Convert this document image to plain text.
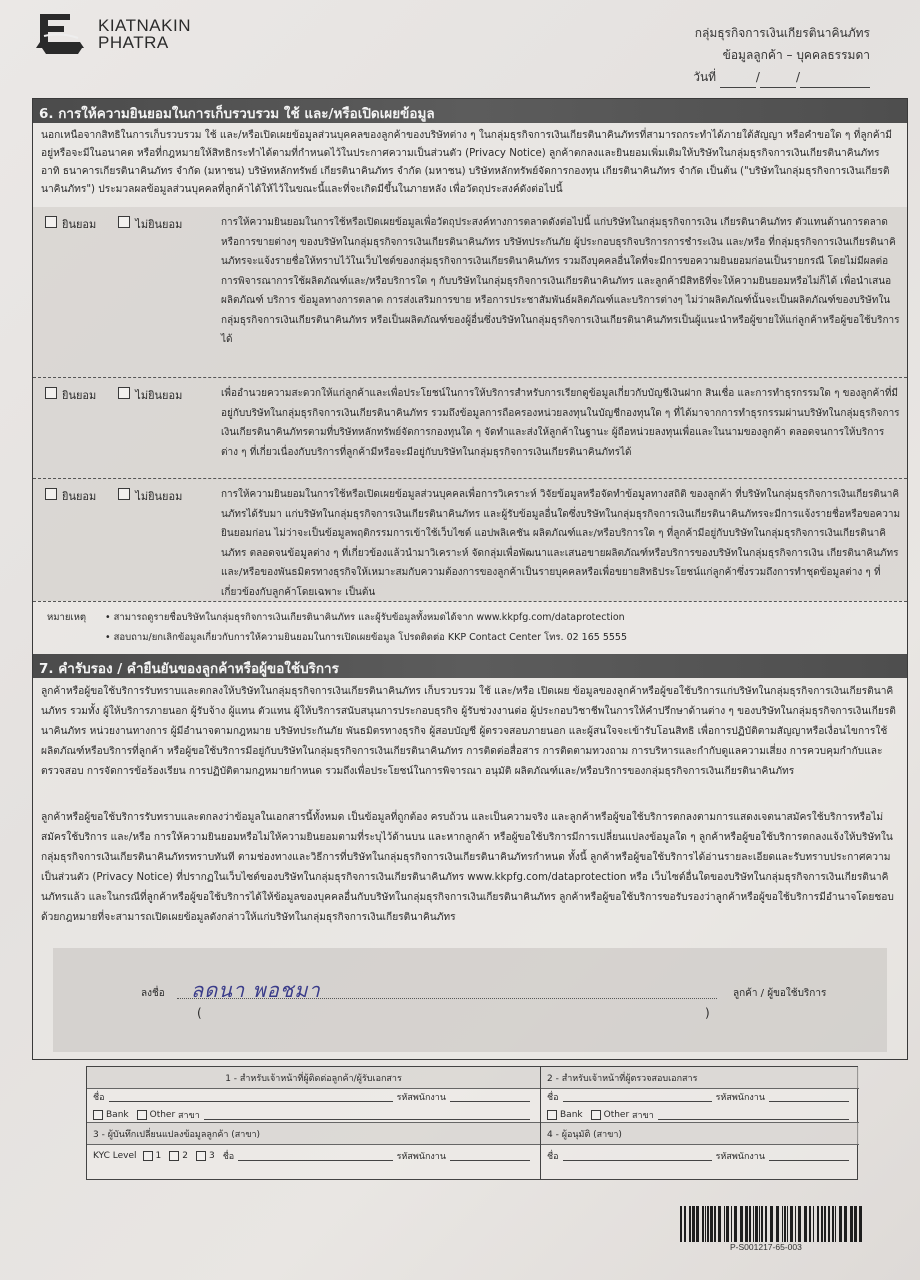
KIATNAKIN
PHATRA	กลุ่มธุรกิจการเงินเกียรตินาคินภัทร
ข้อมูลลูกค้า – บุคคลธรรมดา
วันที่	/	/
6. การให้ความยินยอมในการเก็บรวบรวม ใช้ และ/หรือเปิดเผยข้อมูล
นอกเหนือจากสิทธิในการเก็บรวบรวม ใช้ และ/หรือเปิดเผยข้อมูลส่วนบุคคลของลูกค้าของบริษัทต่าง ๆ ในกลุ่มธุรกิจการเงินเกียรตินาคินภัทรที่สามารถกระทำได้ภายใต้สัญญา หรือคำขอใด ๆ ที่ลูกค้ามีอยู่หรือจะมีในอนาคต หรือที่กฎหมายให้สิทธิกระทำได้ตามที่กำหนดไว้ในประกาศความเป็นส่วนตัว (Privacy Notice) ลูกค้าตกลงและยินยอมเพิ่มเติมให้บริษัทในกลุ่มธุรกิจการเงินเกียรตินาคินภัทร อาทิ ธนาคารเกียรตินาคินภัทร จำกัด (มหาชน) บริษัทหลักทรัพย์ เกียรตินาคินภัทร จำกัด (มหาชน) บริษัทหลักทรัพย์จัดการกองทุน เกียรตินาคินภัทร จำกัด เป็นต้น ("บริษัทในกลุ่มธุรกิจการเงินเกียรตินาคินภัทร") ประมวลผลข้อมูลส่วนบุคคลที่ลูกค้าได้ให้ไว้ในขณะนี้และที่จะเกิดมีขึ้นในภายหลัง เพื่อวัตถุประสงค์ดังต่อไปนี้
ยินยอม	ไม่ยินยอม	การให้ความยินยอมในการใช้หรือเปิดเผยข้อมูลเพื่อวัตถุประสงค์ทางการตลาดดังต่อไปนี้ แก่บริษัทในกลุ่มธุรกิจการเงิน เกียรตินาคินภัทร ตัวแทนด้านการตลาดหรือการขายต่างๆ ของบริษัทในกลุ่มธุรกิจการเงินเกียรตินาคินภัทร บริษัทประกันภัย ผู้ประกอบธุรกิจบริการการชำระเงิน และ/หรือ ที่กลุ่มธุรกิจการเงินเกียรตินาคินภัทรจะแจ้งรายชื่อให้ทราบไว้ในเว็บไซต์ของกลุ่มธุรกิจการเงินเกียรตินาคินภัทร รวมถึงบุคคลอื่นใดที่จะมีการขอความยินยอมก่อนเป็นรายกรณี โดยไม่มีผลต่อการพิจารณาการใช้ผลิตภัณฑ์และ/หรือบริการใด ๆ กับบริษัทในกลุ่มธุรกิจการเงินเกียรตินาคินภัทร และลูกค้ามีสิทธิที่จะให้ความยินยอมหรือไม่ก็ได้ เพื่อนำเสนอผลิตภัณฑ์ บริการ ข้อมูลทางการตลาด การส่งเสริมการขาย หรือการประชาสัมพันธ์ผลิตภัณฑ์และบริการต่างๆ ไม่ว่าผลิตภัณฑ์นั้นจะเป็นผลิตภัณฑ์ของบริษัทในกลุ่มธุรกิจการเงินเกียรตินาคินภัทร หรือเป็นผลิตภัณฑ์ของผู้อื่นซึ่งบริษัทในกลุ่มธุรกิจการเงินเกียรตินาคินภัทรเป็นผู้แนะนำหรือผู้ขายให้แก่ลูกค้าหรือผู้ขอใช้บริการได้
ยินยอม	ไม่ยินยอม	เพื่ออำนวยความสะดวกให้แก่ลูกค้าและเพื่อประโยชน์ในการให้บริการสำหรับการเรียกดูข้อมูลเกี่ยวกับบัญชีเงินฝาก สินเชื่อ และการทำธุรกรรมใด ๆ ของลูกค้าที่มีอยู่กับบริษัทในกลุ่มธุรกิจการเงินเกียรตินาคินภัทร รวมถึงข้อมูลการถือครองหน่วยลงทุนในบัญชีกองทุนใด ๆ ที่ได้มาจากการทำธุรกรรมผ่านบริษัทในกลุ่มธุรกิจการเงินเกียรตินาคินภัทรตามที่บริษัทหลักทรัพย์จัดการกองทุนใด ๆ จัดทำและส่งให้ลูกค้าในฐานะ ผู้ถือหน่วยลงทุนเพื่อและในนามของลูกค้า ตลอดจนการให้บริการต่าง ๆ ที่เกี่ยวเนื่องกับบริการที่ลูกค้ามีหรือจะมีอยู่กับบริษัทในกลุ่มธุรกิจการเงินเกียรตินาคินภัทรได้
ยินยอม	ไม่ยินยอม	การให้ความยินยอมในการใช้หรือเปิดเผยข้อมูลส่วนบุคคลเพื่อการวิเคราะห์ วิจัยข้อมูลหรือจัดทำข้อมูลทางสถิติ ของลูกค้า ที่บริษัทในกลุ่มธุรกิจการเงินเกียรตินาคินภัทรได้รับมา แก่บริษัทในกลุ่มธุรกิจการเงินเกียรตินาคินภัทร และผู้รับข้อมูลอื่นใดซึ่งบริษัทในกลุ่มธุรกิจการเงินเกียรตินาคินภัทรจะมีการแจ้งรายชื่อหรือขอความยินยอมก่อน ไม่ว่าจะเป็นข้อมูลพฤติกรรมการเข้าใช้เว็บไซต์ แอปพลิเคชัน ผลิตภัณฑ์และ/หรือบริการใด ๆ ที่ลูกค้ามีอยู่กับบริษัทในกลุ่มธุรกิจการเงินเกียรตินาคินภัทร ตลอดจนข้อมูลต่าง ๆ ที่เกี่ยวข้องแล้วนำมาวิเคราะห์ จัดกลุ่มเพื่อพัฒนาและเสนอขายผลิตภัณฑ์หรือบริการของบริษัทในกลุ่มธุรกิจการเงิน เกียรตินาคินภัทร และ/หรือของพันธมิตรทางธุรกิจให้เหมาะสมกับความต้องการของลูกค้าเป็นรายบุคคลหรือเพื่อขยายสิทธิประโยชน์แก่ลูกค้าซึ่งรวมถึงการทำชุดข้อมูลต่าง ๆ ที่เกี่ยวข้องกับลูกค้าโดยเฉพาะ เป็นต้น
หมายเหตุ	• สามารถดูรายชื่อบริษัทในกลุ่มธุรกิจการเงินเกียรตินาคินภัทร และผู้รับข้อมูลทั้งหมดได้จาก www.kkpfg.com/dataprotection
• สอบถาม/ยกเลิกข้อมูลเกี่ยวกับการให้ความยินยอมในการเปิดเผยข้อมูล โปรดติดต่อ KKP Contact Center โทร. 02 165 5555
7. คำรับรอง / คำยืนยันของลูกค้าหรือผู้ขอใช้บริการ
ลูกค้าหรือผู้ขอใช้บริการรับทราบและตกลงให้บริษัทในกลุ่มธุรกิจการเงินเกียรตินาคินภัทร เก็บรวบรวม ใช้ และ/หรือ เปิดเผย ข้อมูลของลูกค้าหรือผู้ขอใช้บริการแก่บริษัทในกลุ่มธุรกิจการเงินเกียรตินาคินภัทร รวมทั้ง ผู้ให้บริการภายนอก ผู้รับจ้าง ผู้แทน ตัวแทน ผู้ให้บริการสนับสนุนการประกอบธุรกิจ ผู้รับช่วงงานต่อ ผู้ประกอบวิชาชีพในการให้คำปรึกษาด้านต่าง ๆ ของบริษัทในกลุ่มธุรกิจการเงินเกียรตินาคินภัทร หน่วยงานทางการ ผู้มีอำนาจตามกฎหมาย บริษัทประกันภัย พันธมิตรทางธุรกิจ ผู้สอบบัญชี ผู้ตรวจสอบภายนอก และผู้สนใจจะเข้ารับโอนสิทธิ เพื่อการปฏิบัติตามสัญญาหรือเงื่อนไขการใช้ผลิตภัณฑ์หรือบริการที่ลูกค้า หรือผู้ขอใช้บริการมีอยู่กับบริษัทในกลุ่มธุรกิจการเงินเกียรตินาคินภัทร การติดต่อสื่อสาร การติดตามทวงถาม การบริหารและกำกับดูแลความเสี่ยง การควบคุมกำกับและตรวจสอบ การจัดการข้อร้องเรียน การปฏิบัติตามกฎหมายกำหนด รวมถึงเพื่อประโยชน์ในการพิจารณา อนุมัติ ผลิตภัณฑ์และ/หรือบริการของกลุ่มธุรกิจการเงินเกียรตินาคินภัทร
ลูกค้าหรือผู้ขอใช้บริการรับทราบและตกลงว่าข้อมูลในเอกสารนี้ทั้งหมด เป็นข้อมูลที่ถูกต้อง ครบถ้วน และเป็นความจริง และลูกค้าหรือผู้ขอใช้บริการตกลงตามการแสดงเจตนาสมัครใช้บริการหรือไม่สมัครใช้บริการ และ/หรือ การให้ความยินยอมหรือไม่ให้ความยินยอมตามที่ระบุไว้ด้านบน และหากลูกค้า หรือผู้ขอใช้บริการมีการเปลี่ยนแปลงข้อมูลใด ๆ ลูกค้าหรือผู้ขอใช้บริการตกลงแจ้งให้บริษัทในกลุ่มธุรกิจการเงินเกียรตินาคินภัทรทราบทันที ตามช่องทางและวิธีการที่บริษัทในกลุ่มธุรกิจการเงินเกียรตินาคินภัทรกำหนด ทั้งนี้ ลูกค้าหรือผู้ขอใช้บริการได้อ่านรายละเอียดและรับทราบประกาศความเป็นส่วนตัว (Privacy Notice) ที่ปรากฏในเว็บไซต์ของบริษัทในกลุ่มธุรกิจการเงินเกียรตินาคินภัทร www.kkpfg.com/dataprotection หรือ เว็บไซต์อื่นใดของบริษัทในกลุ่มธุรกิจการเงินเกียรตินาคินภัทรแล้ว และในกรณีที่ลูกค้าหรือผู้ขอใช้บริการได้ให้ข้อมูลของบุคคลอื่นกับบริษัทในกลุ่มธุรกิจการเงินเกียรตินาคินภัทร ลูกค้าหรือผู้ขอใช้บริการขอรับรองว่าลูกค้าหรือผู้ขอใช้บริการมีอำนาจโดยชอบด้วยกฎหมายที่จะสามารถเปิดเผยข้อมูลดังกล่าวให้แก่บริษัทในกลุ่มธุรกิจการเงินเกียรตินาคินภัทร
ลงชื่อ ลดนา พอชมา	ลูกค้า / ผู้ขอใช้บริการ
(	)
1 - สำหรับเจ้าหน้าที่ผู้ติดต่อลูกค้า/ผู้รับเอกสาร
ชื่อ	รหัสพนักงาน
Bank Other
สาขา
3 - ผู้บันทึกเปลี่ยนแปลงข้อมูลลูกค้า (สาขา)
KYC Level 1 2 3 ชื่อ	รหัสพนักงาน
2 - สำหรับเจ้าหน้าที่ผู้ตรวจสอบเอกสาร
ชื่อ	รหัสพนักงาน
Bank Other
สาขา
4 - ผู้อนุมัติ (สาขา)
ชื่อ	รหัสพนักงาน
P-S001217-65-003
